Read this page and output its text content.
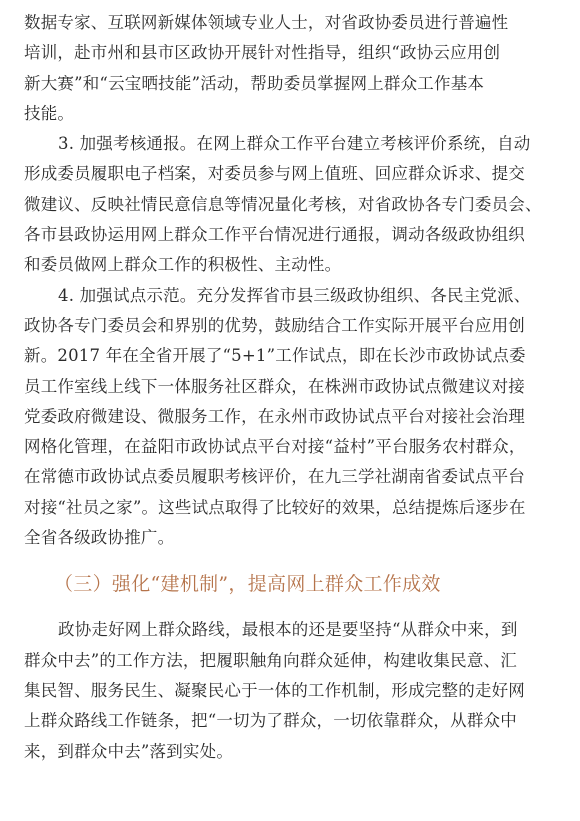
数据专家、互联网新媒体领域专业人士，对省政协委员进行普遍性
培训，赴市州和县市区政协开展针对性指导，组织“政协云应用创
新大赛”和“云宝晒技能”活动，帮助委员掌握网上群众工作基本
技能。
3. 加强考核通报。在网上群众工作平台建立考核评价系统，自动
形成委员履职电子档案，对委员参与网上值班、回应群众诉求、提交
微建议、反映社情民意信息等情况量化考核，对省政协各专门委员会、
各市县政协运用网上群众工作平台情况进行通报，调动各级政协组织
和委员做网上群众工作的积极性、主动性。
4. 加强试点示范。充分发挥省市县三级政协组织、各民主党派、
政协各专门委员会和界别的优势，鼓励结合工作实际开展平台应用创
新。2017 年在全省开展了“5+1”工作试点，即在长沙市政协试点委
员工作室线上线下一体服务社区群众，在株洲市政协试点微建议对接
党委政府微建设、微服务工作，在永州市政协试点平台对接社会治理
网格化管理，在益阳市政协试点平台对接“益村”平台服务农村群众，
在常德市政协试点委员履职考核评价，在九三学社湖南省委试点平台
对接“社员之家”。这些试点取得了比较好的效果，总结提炼后逐步在
全省各级政协推广。
（三）强化“建机制”，提高网上群众工作成效
政协走好网上群众路线，最根本的还是要坚持“从群众中来，到
群众中去”的工作方法，把履职触角向群众延伸，构建收集民意、汇
集民智、服务民生、凝聚民心于一体的工作机制，形成完整的走好网
上群众路线工作链条，把“一切为了群众，一切依靠群众，从群众中
来，到群众中去”落到实处。
